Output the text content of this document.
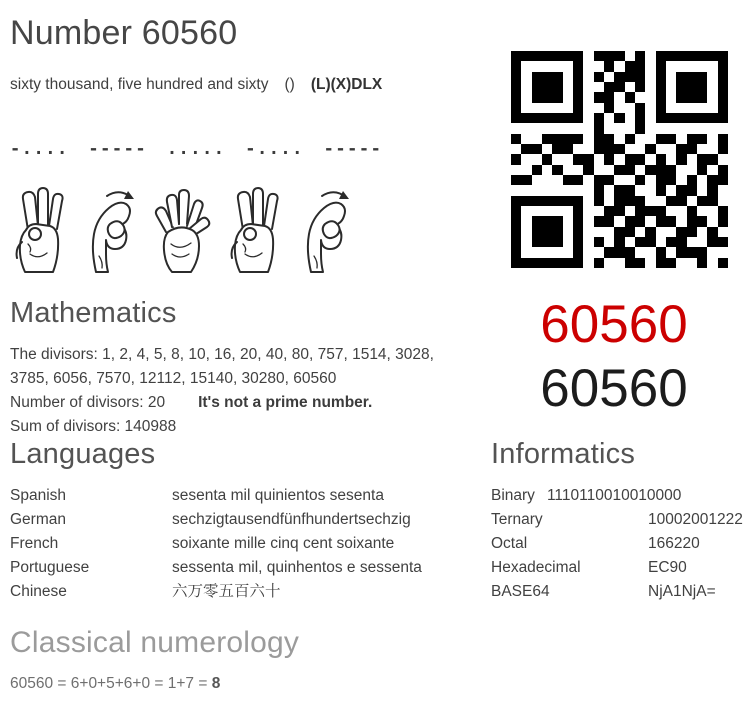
Number 60560
sixty thousand, five hundred and sixty () (L)(X)DLX
-.... ----- ..... -.... -----
Mathematics

The divisors: 1, 2, 4, 5, 8, 10, 16, 20, 40, 80, 757, 1514, 3028, 3785, 6056, 7570, 12112, 15140, 30280, 60560

Number of divisors: 20 It's not a prime number.

Sum of divisors: 140988

60560
60560
Languages
Spanish	sesenta mil quinientos sesenta
German	sechzigtausendfünfhundertsechzig
French	soixante mille cinq cent soixante
Portuguese	sessenta mil, quinhentos e sessenta
Chinese	六万零五百六十
Informatics
Binary 1110110010010000
Ternary	10002001222
Octal	166220
Hexadecimal	EC90
BASE64	NjA1NjA=
Classical numerology
60560 = 6+0+5+6+0 = 1+7 = 8
